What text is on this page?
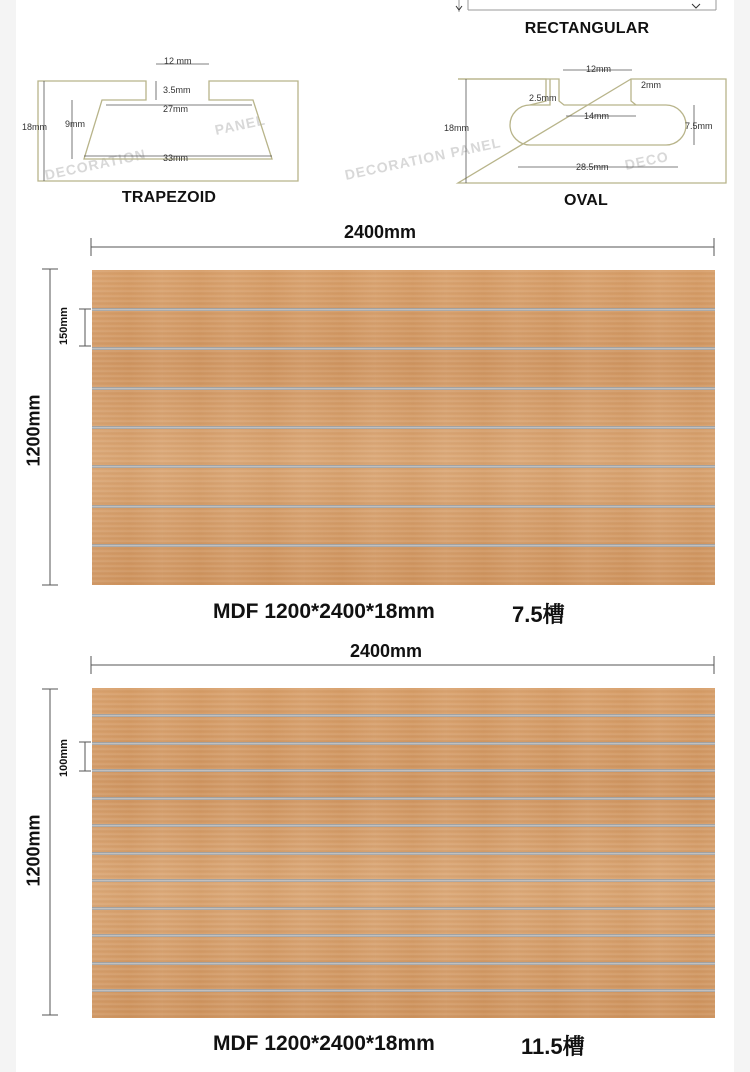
RECTANGULAR
DECORATION
PANEL
18mm
12 mm
3.5mm
27mm
9mm
33mm
TRAPEZOID
DECORATION PANEL	DECO
18mm
12mm
2.5mm
2mm
14mm
7.5mm
28.5mm
OVAL
2400mm
1200mm
150mm
MDF 1200*2400*18mm	7.5槽
2400mm
1200mm
100mm
MDF 1200*2400*18mm	11.5槽
